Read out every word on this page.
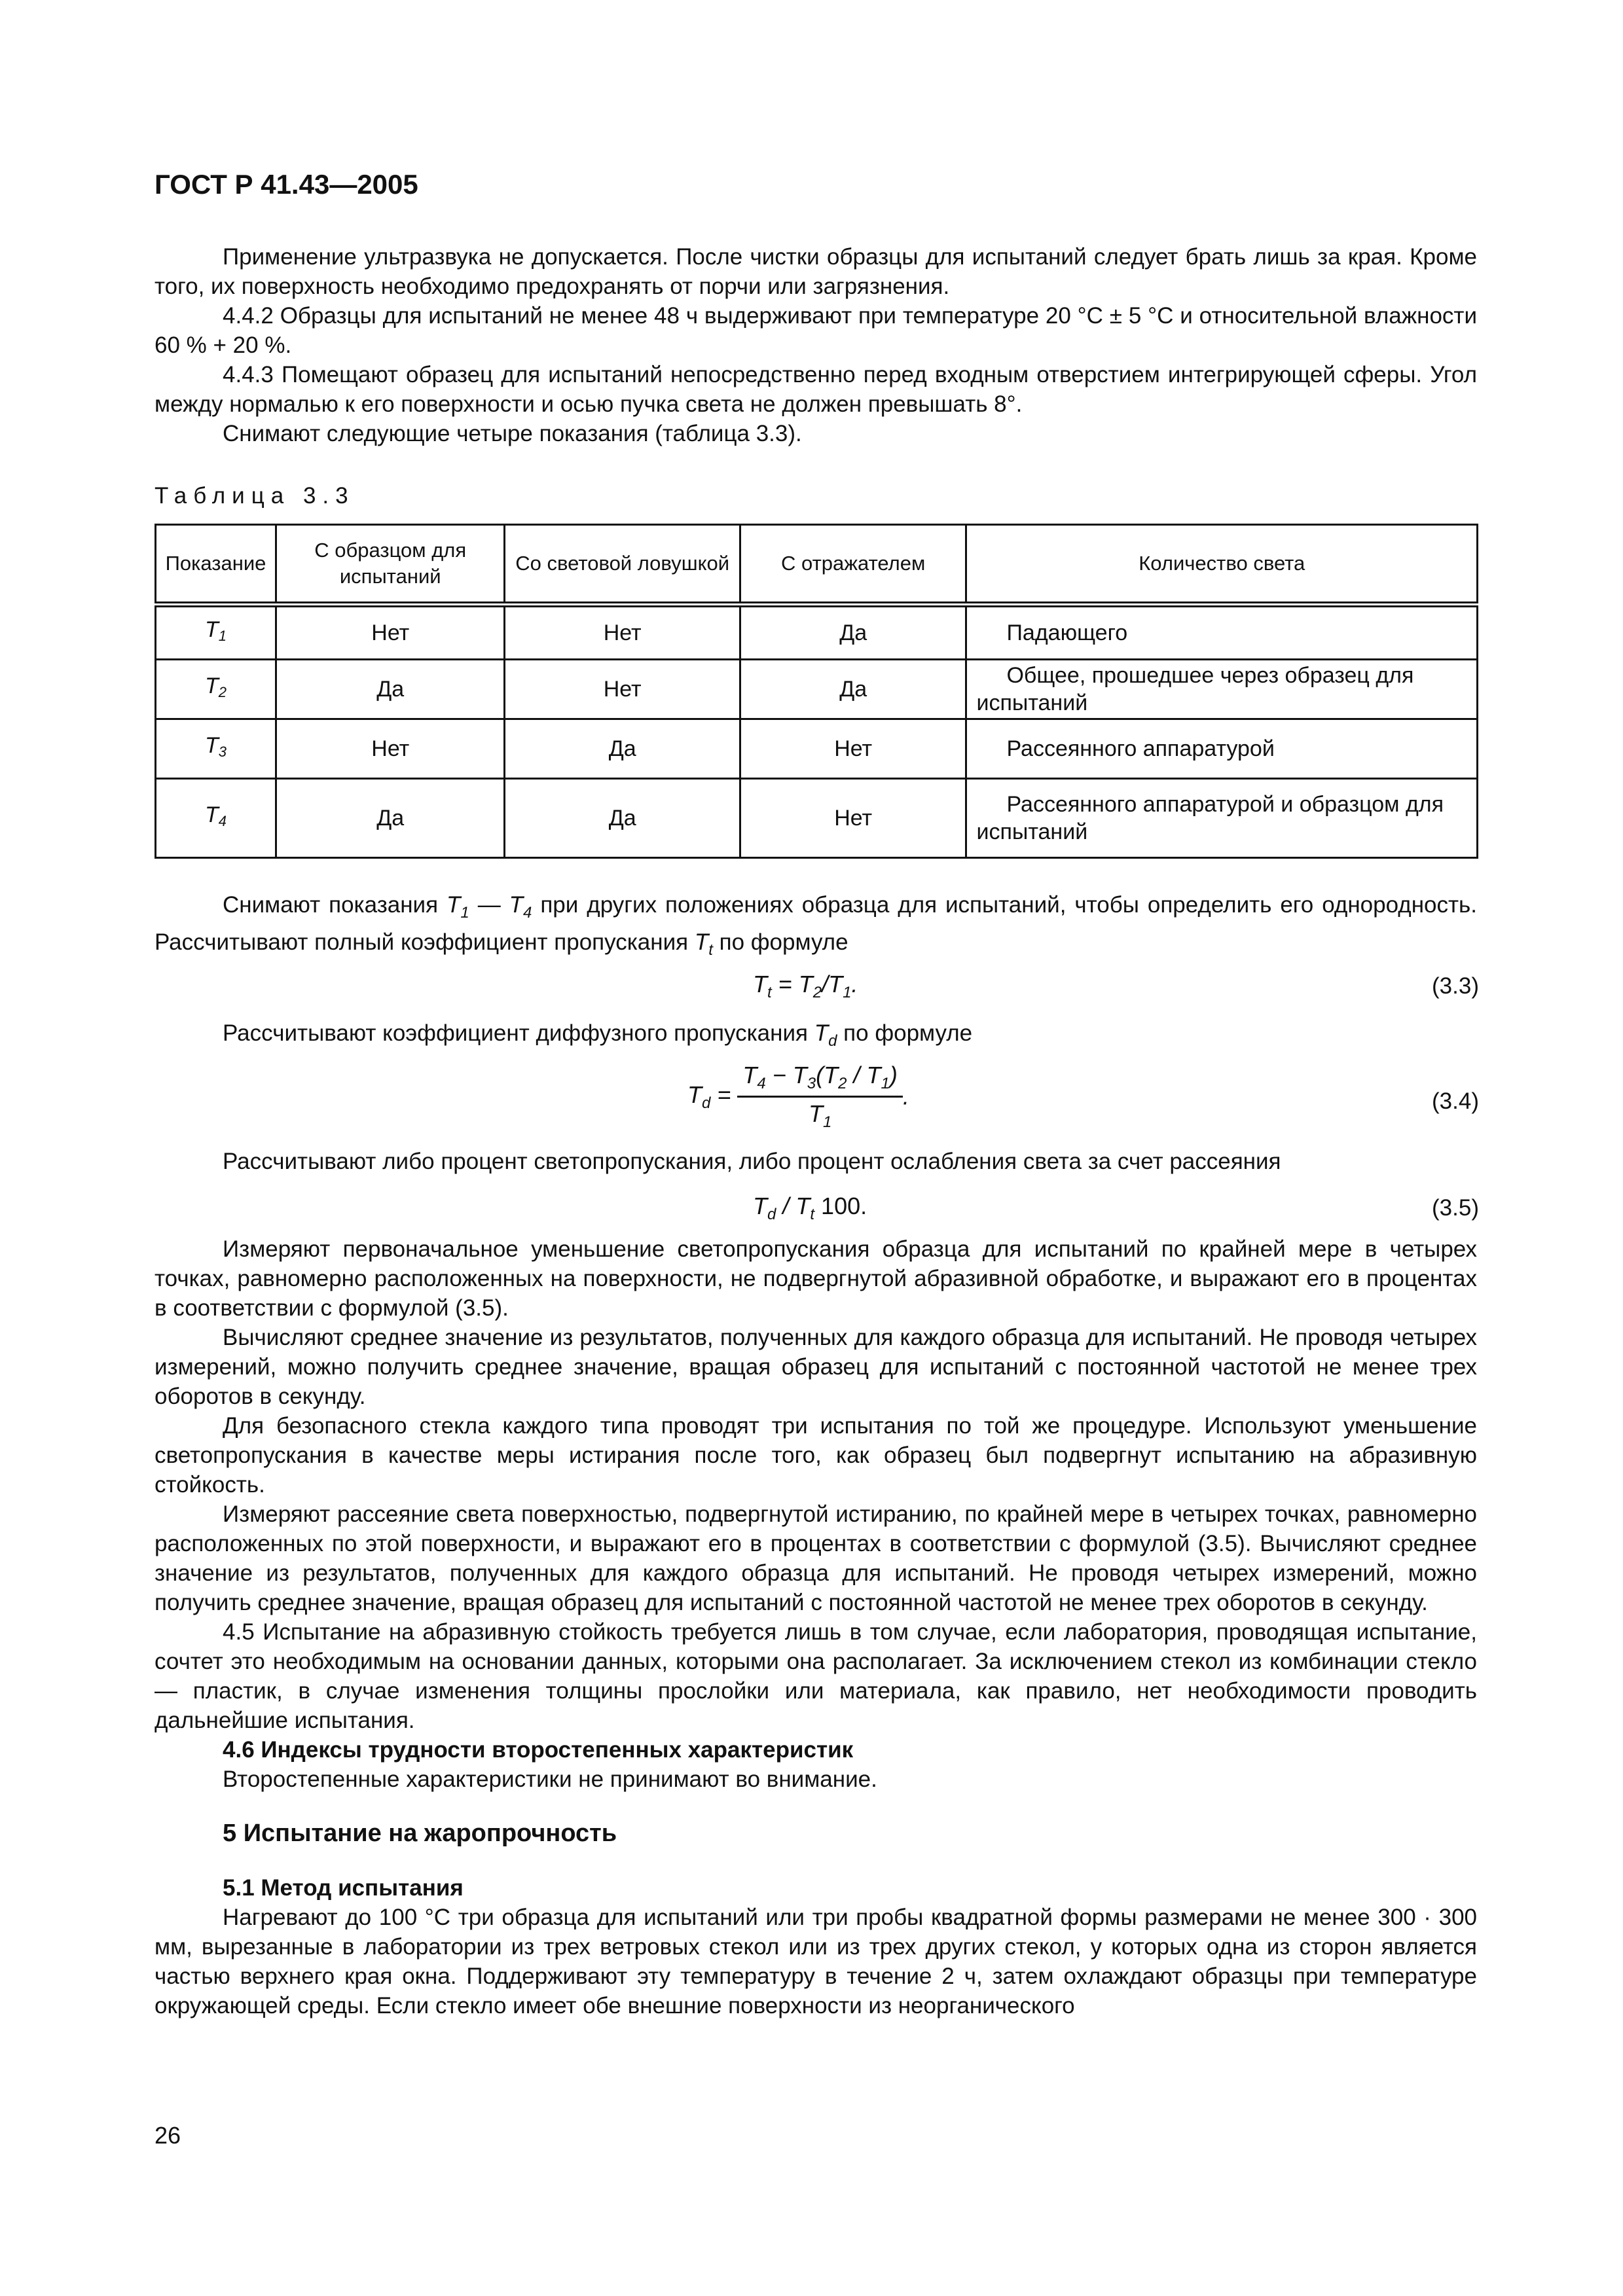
ГОСТ Р 41.43—2005

Применение ультразвука не допускается. После чистки образцы для испытаний следует брать лишь за края. Кроме того, их поверхность необходимо предохранять от порчи или загрязнения.

4.4.2 Образцы для испытаний не менее 48 ч выдерживают при температуре 20 °C ± 5 °C и относительной влажности 60 % + 20 %.

4.4.3 Помещают образец для испытаний непосредственно перед входным отверстием интегрирующей сферы. Угол между нормалью к его поверхности и осью пучка света не должен превышать 8°.

Снимают следующие четыре показания (таблица 3.3).

Таблица 3.3
Показание	С образцом для испытаний	Со световой ловушкой	С отражателем	Количество света
$T_1$	Нет	Нет	Да	Падающего
$T_2$	Да	Нет	Да	Общее, прошедшее через образец для испытаний
$T_3$	Нет	Да	Нет	Рассеянного аппаратурой
$T_4$	Да	Да	Нет	Рассеянного аппаратурой и образцом для испытаний

Снимают показания $T_1$ — $T_4$ при других положениях образца для испытаний, чтобы определить его однородность. Рассчитывают полный коэффициент пропускания $T_t$ по формуле

$T_t = T_2/T_1$.	(3.3)

Рассчитывают коэффициент диффузного пропускания $T_d$ по формуле

$T_d = \frac{T_4 - T_3(T_2 / T_1)}{T_1}$ .	(3.4)

Рассчитывают либо процент светопропускания, либо процент ослабления света за счет рассеяния

$T_d / T_t$ 100.	(3.5)

Измеряют первоначальное уменьшение светопропускания образца для испытаний по крайней мере в четырех точках, равномерно расположенных на поверхности, не подвергнутой абразивной обработке, и выражают его в процентах в соответствии с формулой (3.5).

Вычисляют среднее значение из результатов, полученных для каждого образца для испытаний. Не проводя четырех измерений, можно получить среднее значение, вращая образец для испытаний с постоянной частотой не менее трех оборотов в секунду.

Для безопасного стекла каждого типа проводят три испытания по той же процедуре. Используют уменьшение светопропускания в качестве меры истирания после того, как образец был подвергнут испытанию на абразивную стойкость.

Измеряют рассеяние света поверхностью, подвергнутой истиранию, по крайней мере в четырех точках, равномерно расположенных по этой поверхности, и выражают его в процентах в соответствии с формулой (3.5). Вычисляют среднее значение из результатов, полученных для каждого образца для испытаний. Не проводя четырех измерений, можно получить среднее значение, вращая образец для испытаний с постоянной частотой не менее трех оборотов в секунду.

4.5 Испытание на абразивную стойкость требуется лишь в том случае, если лаборатория, проводящая испытание, сочтет это необходимым на основании данных, которыми она располагает. За исключением стекол из комбинации стекло — пластик, в случае изменения толщины прослойки или материала, как правило, нет необходимости проводить дальнейшие испытания.

4.6 Индексы трудности второстепенных характеристик

Второстепенные характеристики не принимают во внимание.

5 Испытание на жаропрочность

5.1 Метод испытания

Нагревают до 100 °C три образца для испытаний или три пробы квадратной формы размерами не менее 300 · 300 мм, вырезанные в лаборатории из трех ветровых стекол или из трех других стекол, у которых одна из сторон является частью верхнего края окна. Поддерживают эту температуру в течение 2 ч, затем охлаждают образцы при температуре окружающей среды. Если стекло имеет обе внешние поверхности из неорганического

26
